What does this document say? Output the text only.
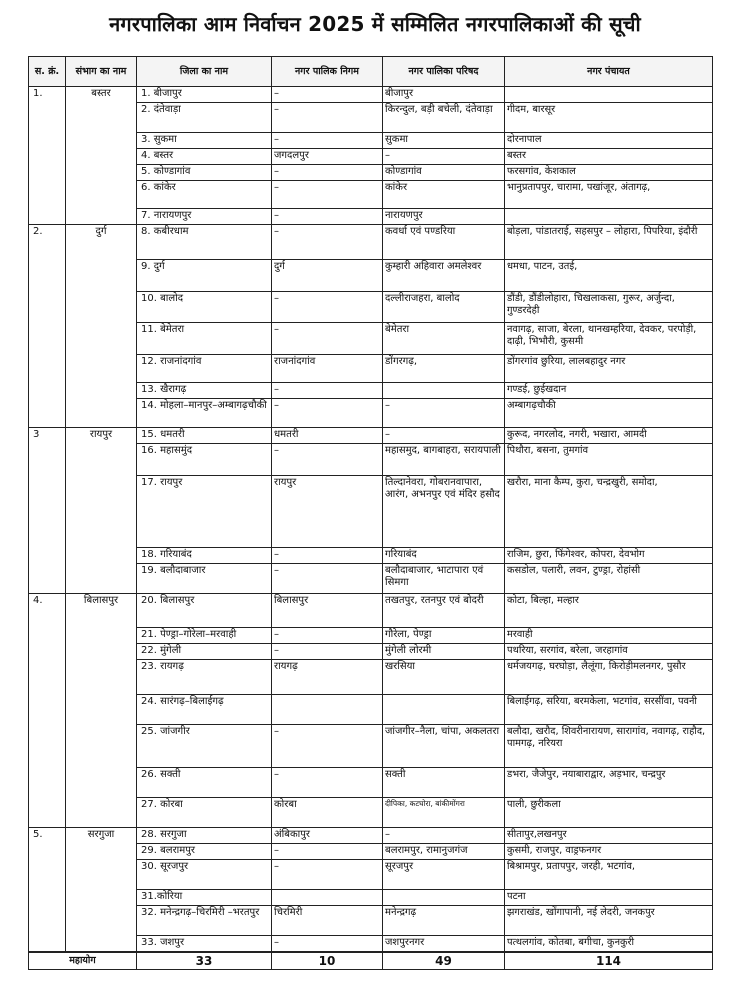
नगरपालिका आम निर्वाचन 2025 में सम्मिलित नगरपालिकाओं की सूची
स. क्रं.	संभाग का नाम	जिला का नाम	नगर पालिक निगम	नगर पालिका परिषद	नगर पंचायत
1.	बस्तर	1. बीजापुर	–	बीजापुर	
		2. दंतेवाड़ा	–	किरन्दुल, बड़ी बचेली, दंतेवाड़ा	गीदम, बारसूर
		3. सुकमा	–	सुकमा	दोरनापाल
		4. बस्तर	जगदलपुर	–	बस्तर
		5. कोण्डागांव	–	कोण्डागांव	फरसगांव, केशकाल
		6. कांकेर	–	कांकेर	भानुप्रतापपुर, चारामा, पखांजूर, अंतागढ़,
		7. नारायणपुर	–	नारायणपुर	
2.	दुर्ग	8. कबीरधाम	–	कवर्धा एवं पण्डरिया	बोड़ला, पांडातराई, सहसपुर – लोहारा, पिपरिया, इंदौरी
		9. दुर्ग	दुर्ग	कुम्हारी अहिवारा अमलेश्वर	धमधा, पाटन, उतई,
		10. बालोद	–	दल्लीराजहरा, बालोद	डौंडी, डौंडीलोहारा, चिखलाकसा, गुरूर, अर्जुन्दा, गुण्डरदेही
		11. बेमेतरा	–	बेमेतरा	नवागढ़, साजा, बेरला, थानखम्हरिया, देवकर, परपोड़ी, दाढ़ी, भिभौरी, कुसमी
		12. राजनांदगांव	राजनांदगांव	डोंगरगढ़,	डोंगरगांव छुरिया, लालबहादुर नगर
		13. खैरागढ़	–		गण्डई, छुईखदान
		14. मोहला–मानपुर–अम्बागढ़चौकी	–	–	अम्बागढ़चौकी
3	रायपुर	15. धमतरी	धमतरी	–	कुरूद, नगरलोद, नगरी, भखारा, आमदी
		16. महासमुंद	–	महासमुद, बागबाहरा, सरायपाली	पिथौरा, बसना, तुमगांव
		17. रायपुर	रायपुर	तिल्दानेवरा, गोबरानवापारा, आरंग, अभनपुर एवं मंदिर हसौद	खरौरा, माना कैम्प, कुरा, चन्द्रखुरी, समोदा,
		18. गरियाबंद	–	गरियाबंद	राजिम, छुरा, फिंगेश्वर, कोपरा, देवभोग
		19. बलौदाबाजार	–	बलौदाबाजार, भाटापारा एवं सिमगा	कसडोल, पलारी, लवन, टुण्ड्रा, रोहांसी
4.	बिलासपुर	20. बिलासपुर	बिलासपुर	तखतपुर, रतनपुर एवं बोदरी	कोटा, बिल्हा, मल्हार
		21. पेण्ड्रा–गोरेला–मरवाही	–	गौरेला, पेण्ड्रा	मरवाही
		22. मुंगेली	–	मुंगेली लोरमी	पथरिया, सरगांव, बरेला, जरहागांव
		23. रायगढ़	रायगढ़	खरसिया	धर्मजयगढ़, घरघोड़ा, लैलूंगा, किरोड़ीमलनगर, पुसौर
		24. सारंगढ़–बिलाईगढ़			बिलाईगढ़, सरिया, बरमकेला, भटगांव, सरसींवा, पवनी
		25. जांजगीर	–	जांजगीर–नैला, चांपा, अकलतरा	बलौदा, खरौद, शिवरीनारायण, सारागांव, नवागढ़, राहौद, पामगढ़, नरियरा
		26. सक्ती	–	सक्ती	डभरा, जैजेपुर, नयाबाराद्वार, अड़भार, चन्द्रपुर
		27. कोरबा	कोरबा	दीपिका, कटघोरा, बांकीमोंगरा	पाली, छुरीकला
5.	सरगुजा	28. सरगुजा	अंबिकापुर	–	सीतापुर,लखनपुर
		29. बलरामपुर	–	बलरामपुर, रामानुजगंज	कुसमी, राजपुर, वाड्रफनगर
		30. सूरजपुर	–	सूरजपुर	बिश्रामपुर, प्रतापपुर, जरही, भटगांव,
		31.कोरिया			पटना
		32. मनेन्द्रगढ़–चिरमिरी –भरतपुर	चिरमिरी	मनेन्द्रगढ़	झगराखंड, खोंगापानी, नई लेदरी, जनकपुर
		33. जशपुर	–	जशपुरनगर	पत्थलगांव, कोतबा, बगीचा, कुनकुरी
महायोग		33	10	49	114
